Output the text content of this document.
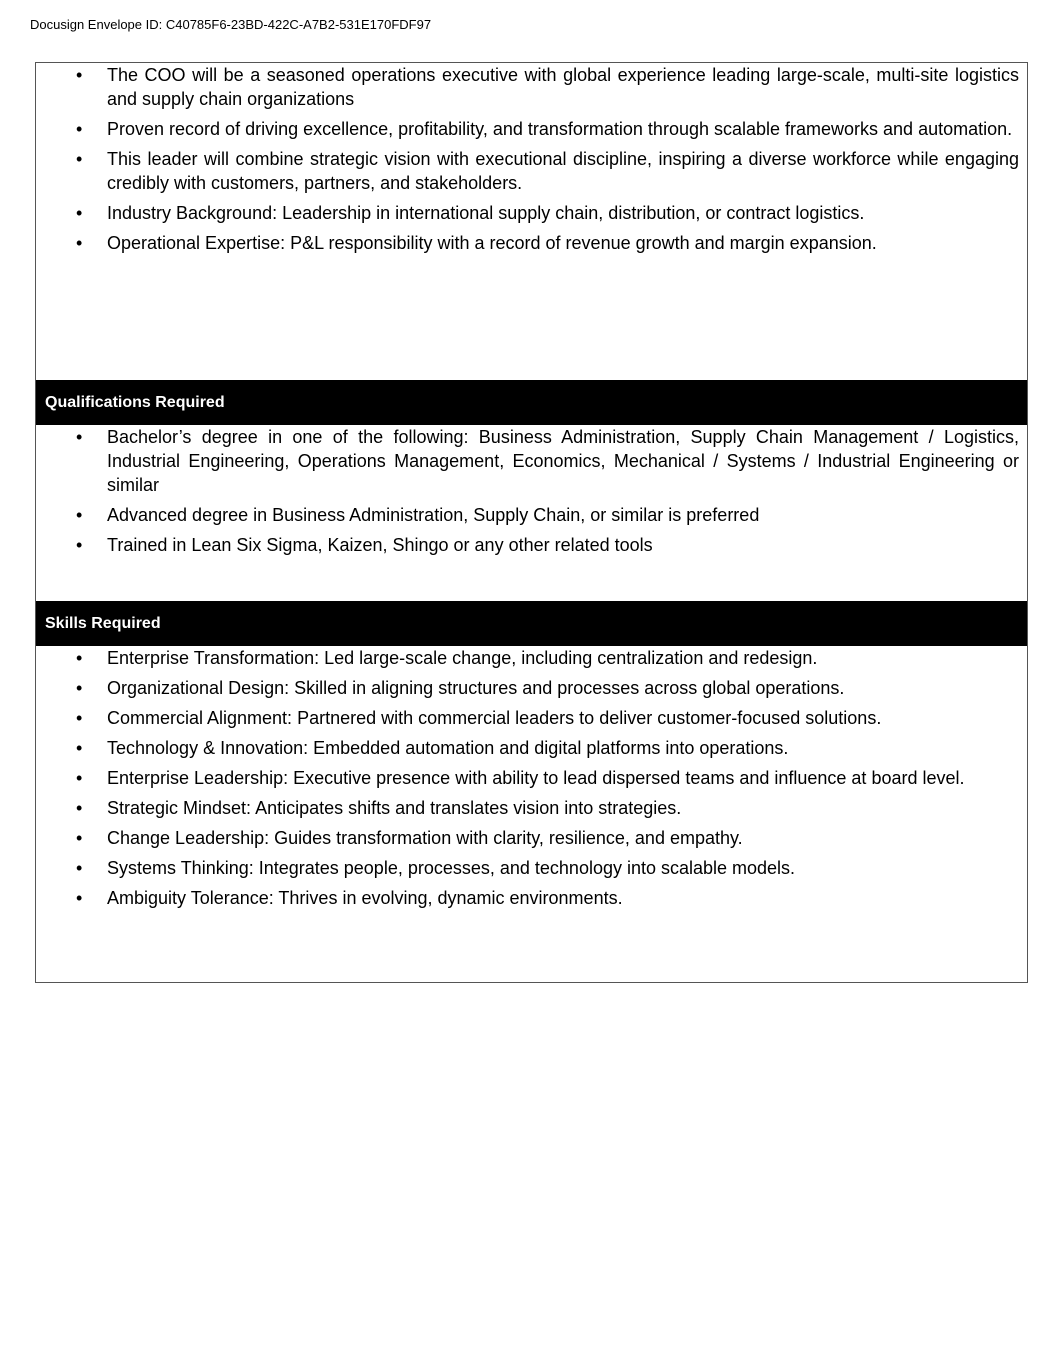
Docusign Envelope ID: C40785F6-23BD-422C-A7B2-531E170FDF97
• The COO will be a seasoned operations executive with global experience leading large-scale, multi-site logistics and supply chain organizations
• Proven record of driving excellence, profitability, and transformation through scalable frameworks and automation.
• This leader will combine strategic vision with executional discipline, inspiring a diverse workforce while engaging credibly with customers, partners, and stakeholders.
• Industry Background: Leadership in international supply chain, distribution, or contract logistics.
• Operational Expertise: P&L responsibility with a record of revenue growth and margin expansion.
Qualifications Required
• Bachelor’s degree in one of the following: Business Administration, Supply Chain Management / Logistics, Industrial Engineering, Operations Management, Economics, Mechanical / Systems / Industrial Engineering or similar
• Advanced degree in Business Administration, Supply Chain, or similar is preferred
• Trained in Lean Six Sigma, Kaizen, Shingo or any other related tools
Skills Required
• Enterprise Transformation: Led large-scale change, including centralization and redesign.
• Organizational Design: Skilled in aligning structures and processes across global operations.
• Commercial Alignment: Partnered with commercial leaders to deliver customer-focused solutions.
• Technology & Innovation: Embedded automation and digital platforms into operations.
• Enterprise Leadership: Executive presence with ability to lead dispersed teams and influence at board level.
• Strategic Mindset: Anticipates shifts and translates vision into strategies.
• Change Leadership: Guides transformation with clarity, resilience, and empathy.
• Systems Thinking: Integrates people, processes, and technology into scalable models.
• Ambiguity Tolerance: Thrives in evolving, dynamic environments.
